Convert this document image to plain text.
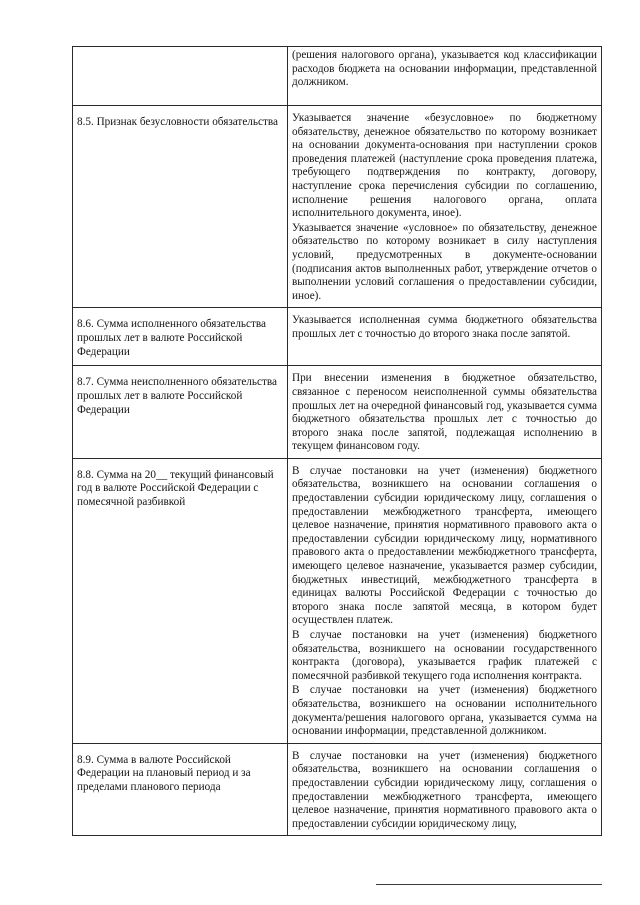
	(решения налогового органа), указывается код классификации расходов бюджета на основании информации, представленной должником.

8.5. Признак безусловности обязательства	Указывается значение «безусловное» по бюджетному обязательству, денежное обязательство по которому возникает на основании документа-основания при наступлении сроков проведения платежей (наступление срока проведения платежа, требующего подтверждения по контракту, договору, наступление срока перечисления субсидии по соглашению, исполнение решения налогового органа, оплата исполнительного документа, иное).

Указывается значение «условное» по обязательству, денежное обязательство по которому возникает в силу наступления условий, предусмотренных в документе-основании (подписания актов выполненных работ, утверждение отчетов о выполнении условий соглашения о предоставлении субсидии, иное).

8.6. Сумма исполненного обязательства прошлых лет в валюте Российской Федерации	Указывается исполненная сумма бюджетного обязательства прошлых лет с точностью до второго знака после запятой.

8.7. Сумма неисполненного обязательства прошлых лет в валюте Российской Федерации	При внесении изменения в бюджетное обязательство, связанное с переносом неисполненной суммы обязательства прошлых лет на очередной финансовый год, указывается сумма бюджетного обязательства прошлых лет с точностью до второго знака после запятой, подлежащая исполнению в текущем финансовом году.

8.8. Сумма на 20__ текущий финансовый год в валюте Российской Федерации с помесячной разбивкой	В случае постановки на учет (изменения) бюджетного обязательства, возникшего на основании соглашения о предоставлении субсидии юридическому лицу, соглашения о предоставлении межбюджетного трансферта, имеющего целевое назначение, принятия нормативного правового акта о предоставлении субсидии юридическому лицу, нормативного правового акта о предоставлении межбюджетного трансферта, имеющего целевое назначение, указывается размер субсидии, бюджетных инвестиций, межбюджетного трансферта в единицах валюты Российской Федерации с точностью до второго знака после запятой месяца, в котором будет осуществлен платеж.

В случае постановки на учет (изменения) бюджетного обязательства, возникшего на основании государственного контракта (договора), указывается график платежей с помесячной разбивкой текущего года исполнения контракта.

В случае постановки на учет (изменения) бюджетного обязательства, возникшего на основании исполнительного документа/решения налогового органа, указывается сумма на основании информации, представленной должником.

8.9. Сумма в валюте Российской Федерации на плановый период и за пределами планового периода	В случае постановки на учет (изменения) бюджетного обязательства, возникшего на основании соглашения о предоставлении субсидии юридическому лицу, соглашения о предоставлении межбюджетного трансферта, имеющего целевое назначение, принятия нормативного правового акта о предоставлении субсидии юридическому лицу,
